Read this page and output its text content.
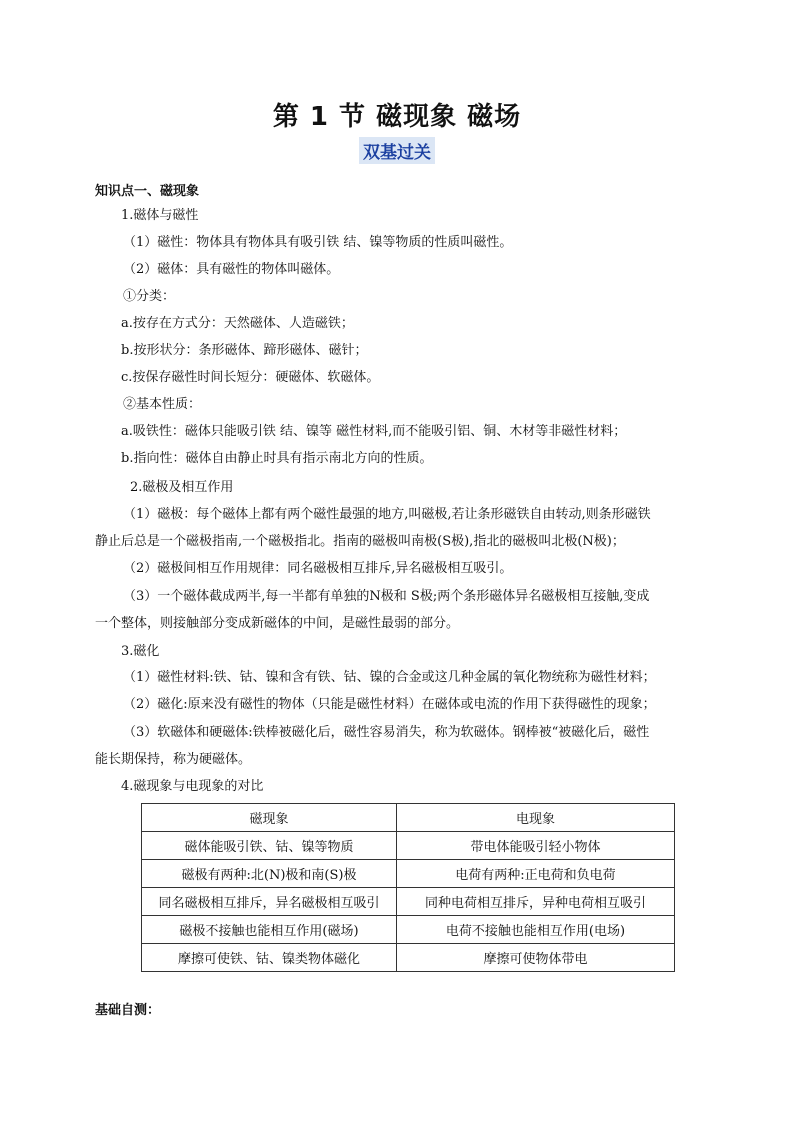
第 1 节 磁现象 磁场
双基过关
知识点一、磁现象
1.磁体与磁性
（1）磁性：物体具有物体具有吸引铁 结、镍等物质的性质叫磁性。
（2）磁体：具有磁性的物体叫磁体。
①分类：
a.按存在方式分：天然磁体、人造磁铁；
b.按形状分：条形磁体、蹄形磁体、磁针；
c.按保存磁性时间长短分：硬磁体、软磁体。
②基本性质：
a.吸铁性：磁体只能吸引铁 结、镍等 磁性材料,而不能吸引铝、铜、木材等非磁性材料；
b.指向性：磁体自由静止时具有指示南北方向的性质。
2.磁极及相互作用
（1）磁极：每个磁体上都有两个磁性最强的地方,叫磁极,若让条形磁铁自由转动,则条形磁铁
静止后总是一个磁极指南,一个磁极指北。指南的磁极叫南极(S极),指北的磁极叫北极(N极)；
（2）磁极间相互作用规律：同名磁极相互排斥,异名磁极相互吸引。
（3）一个磁体截成两半,每一半都有单独的N极和 S极;两个条形磁体异名磁极相互接触,变成
一个整体，则接触部分变成新磁体的中间，是磁性最弱的部分。
3.磁化
（1）磁性材料:铁、钴、镍和含有铁、钴、镍的合金或这几种金属的氧化物统称为磁性材料；
（2）磁化:原来没有磁性的物体（只能是磁性材料）在磁体或电流的作用下获得磁性的现象；
（3）软磁体和硬磁体:铁棒被磁化后，磁性容易消失，称为软磁体。钢棒被“被磁化后，磁性
能长期保持，称为硬磁体。
4.磁现象与电现象的对比
磁现象	电现象
磁体能吸引铁、钴、镍等物质	带电体能吸引轻小物体
磁极有两种:北(N)极和南(S)极	电荷有两种:正电荷和负电荷
同名磁极相互排斥，异名磁极相互吸引	同种电荷相互排斥，异种电荷相互吸引
磁极不接触也能相互作用(磁场)	电荷不接触也能相互作用(电场)
摩擦可使铁、钴、镍类物体磁化	摩擦可使物体带电
基础自测：
